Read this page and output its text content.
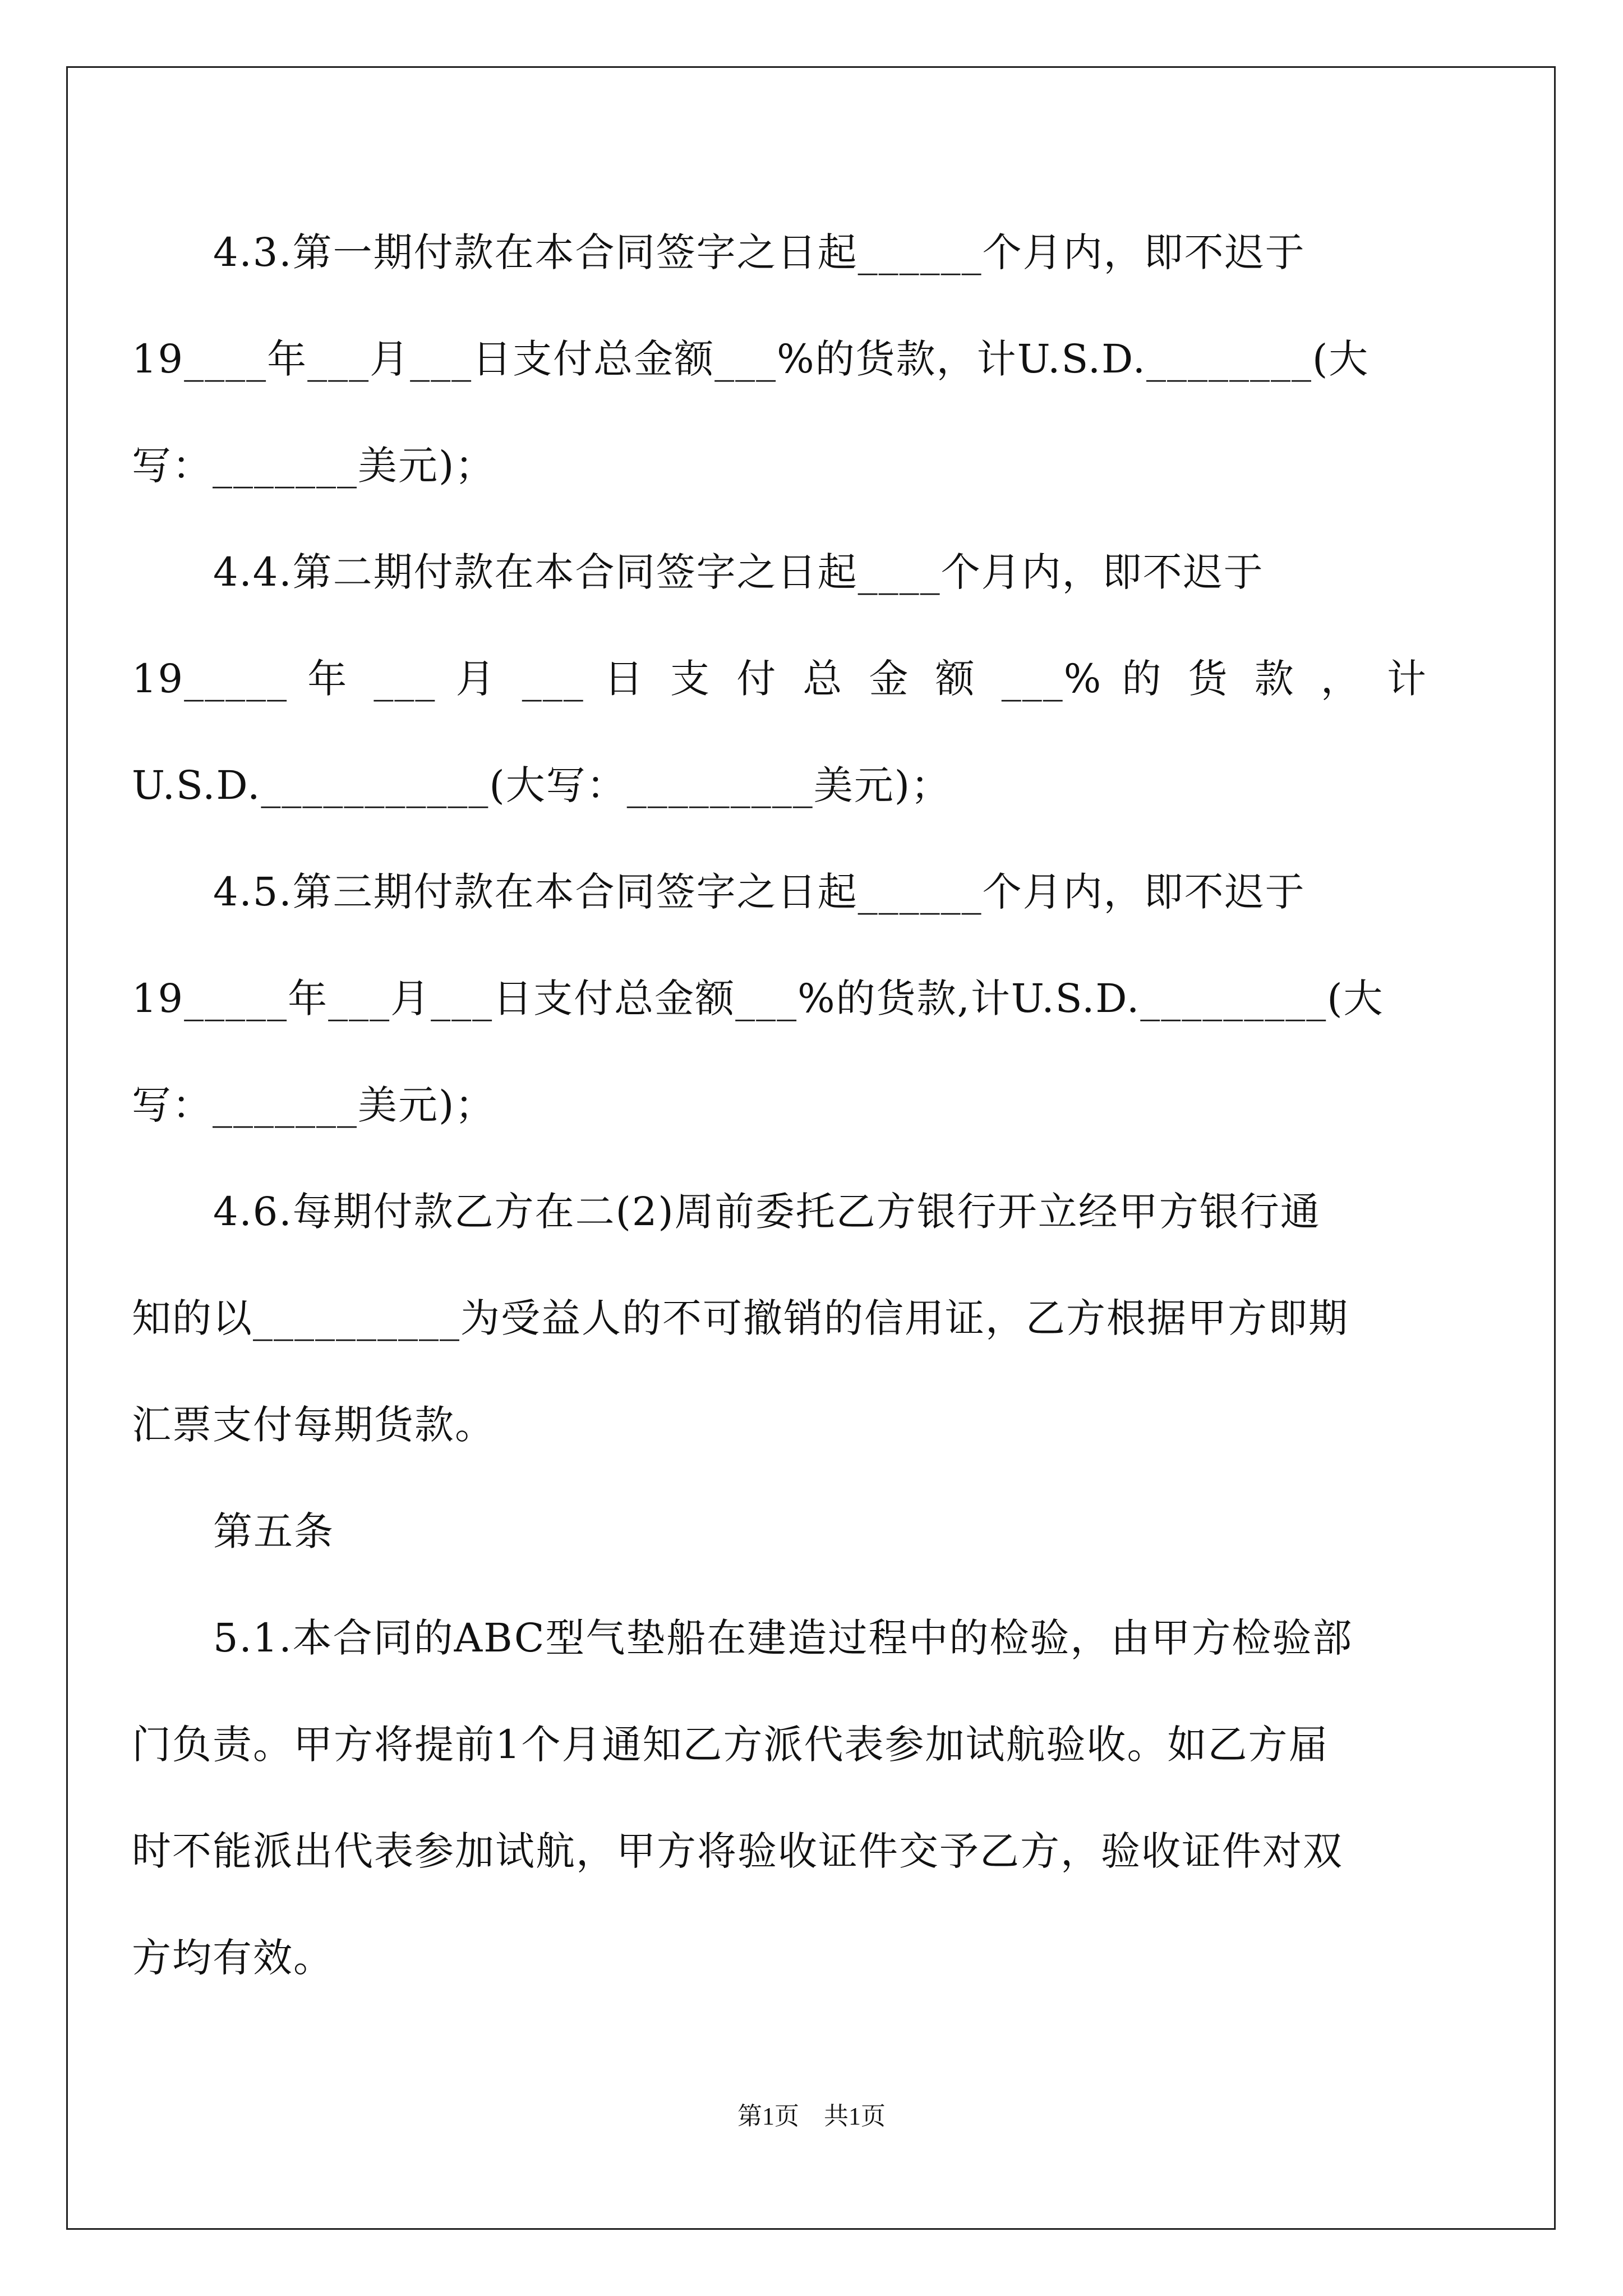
4.3.第一期付款在本合同签字之日起______个月内，即不迟于
19____年___月___日支付总金额___%的货款，计U.S.D.________(大
写：_______美元)；
4.4.第二期付款在本合同签字之日起____个月内，即不迟于
19_____ 年 ___ 月 ___ 日 支 付 总 金 额 ___% 的 货 款 ， 计
U.S.D.___________(大写：_________美元)；
4.5.第三期付款在本合同签字之日起______个月内，即不迟于
19_____年___月___日支付总金额___%的货款,计U.S.D._________(大
写：_______美元)；
4.6.每期付款乙方在二(2)周前委托乙方银行开立经甲方银行通
知的以__________为受益人的不可撤销的信用证，乙方根据甲方即期
汇票支付每期货款。
第五条
5.1.本合同的ABC型气垫船在建造过程中的检验，由甲方检验部
门负责。甲方将提前1个月通知乙方派代表参加试航验收。如乙方届
时不能派出代表参加试航，甲方将验收证件交予乙方，验收证件对双
方均有效。
第1页　共1页
